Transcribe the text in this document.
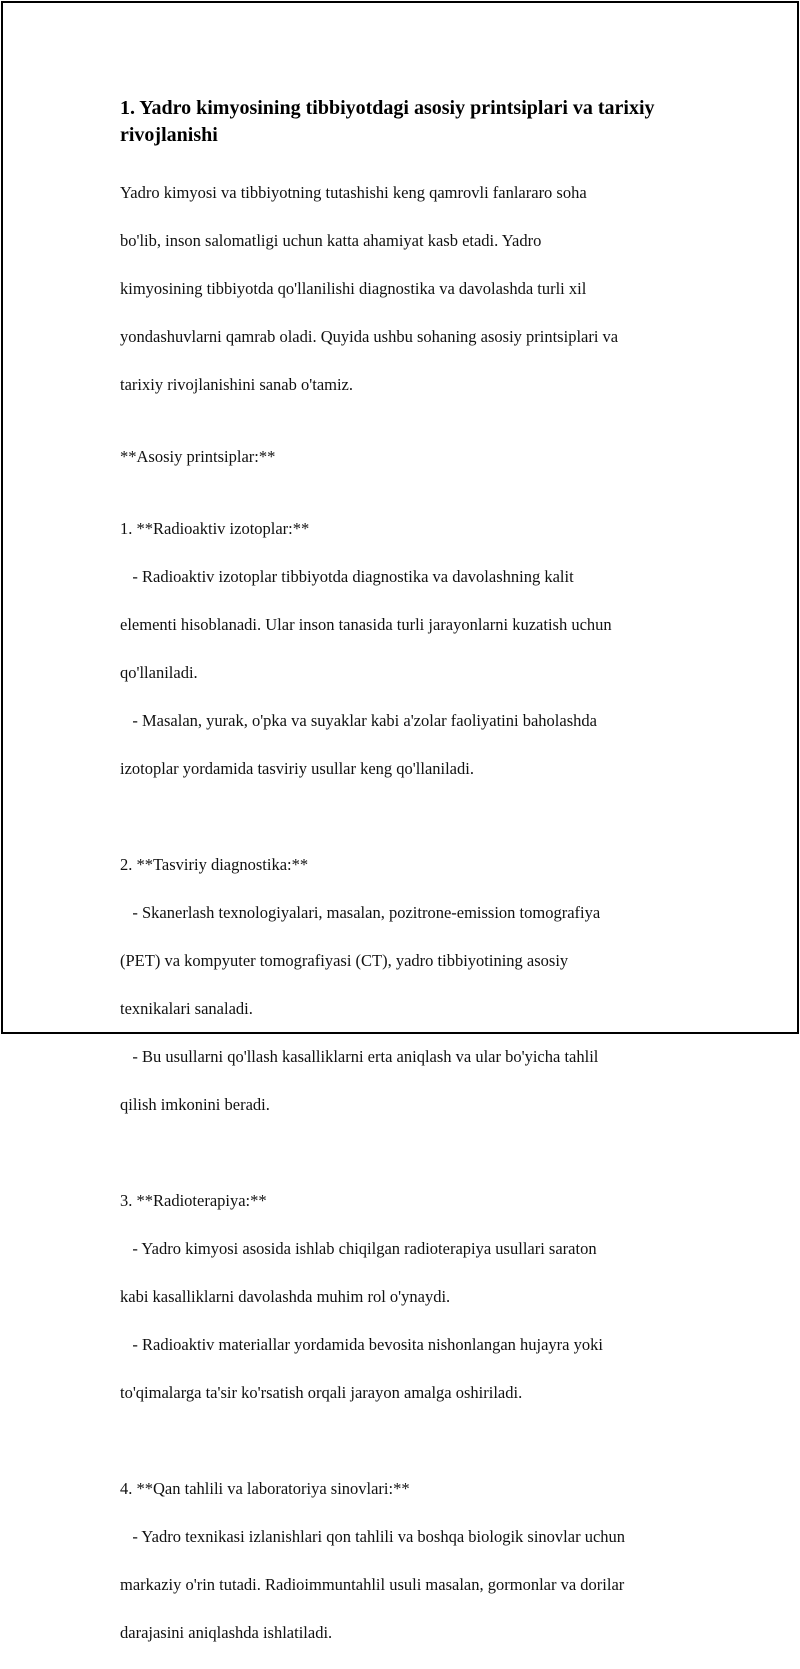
1. Yadro kimyosining tibbiyotdagi asosiy printsiplari va tarixiy rivojlanishi

Yadro kimyosi va tibbiyotning tutashishi keng qamrovli fanlararo soha

bo'lib, inson salomatligi uchun katta ahamiyat kasb etadi. Yadro

kimyosining tibbiyotda qo'llanilishi diagnostika va davolashda turli xil

yondashuvlarni qamrab oladi. Quyida ushbu sohaning asosiy printsiplari va

tarixiy rivojlanishini sanab o'tamiz.

**Asosiy printsiplar:**

1. **Radioaktiv izotoplar:**

- Radioaktiv izotoplar tibbiyotda diagnostika va davolashning kalit

elementi hisoblanadi. Ular inson tanasida turli jarayonlarni kuzatish uchun

qo'llaniladi.

- Masalan, yurak, o'pka va suyaklar kabi a'zolar faoliyatini baholashda

izotoplar yordamida tasviriy usullar keng qo'llaniladi.

2. **Tasviriy diagnostika:**

- Skanerlash texnologiyalari, masalan, pozitrone-emission tomografiya

(PET) va kompyuter tomografiyasi (CT), yadro tibbiyotining asosiy

texnikalari sanaladi.

- Bu usullarni qo'llash kasalliklarni erta aniqlash va ular bo'yicha tahlil

qilish imkonini beradi.

3. **Radioterapiya:**

- Yadro kimyosi asosida ishlab chiqilgan radioterapiya usullari saraton

kabi kasalliklarni davolashda muhim rol o'ynaydi.

- Radioaktiv materiallar yordamida bevosita nishonlangan hujayra yoki

to'qimalarga ta'sir ko'rsatish orqali jarayon amalga oshiriladi.

4. **Qan tahlili va laboratoriya sinovlari:**

- Yadro texnikasi izlanishlari qon tahlili va boshqa biologik sinovlar uchun

markaziy o'rin tutadi. Radioimmuntahlil usuli masalan, gormonlar va dorilar

darajasini aniqlashda ishlatiladi.
